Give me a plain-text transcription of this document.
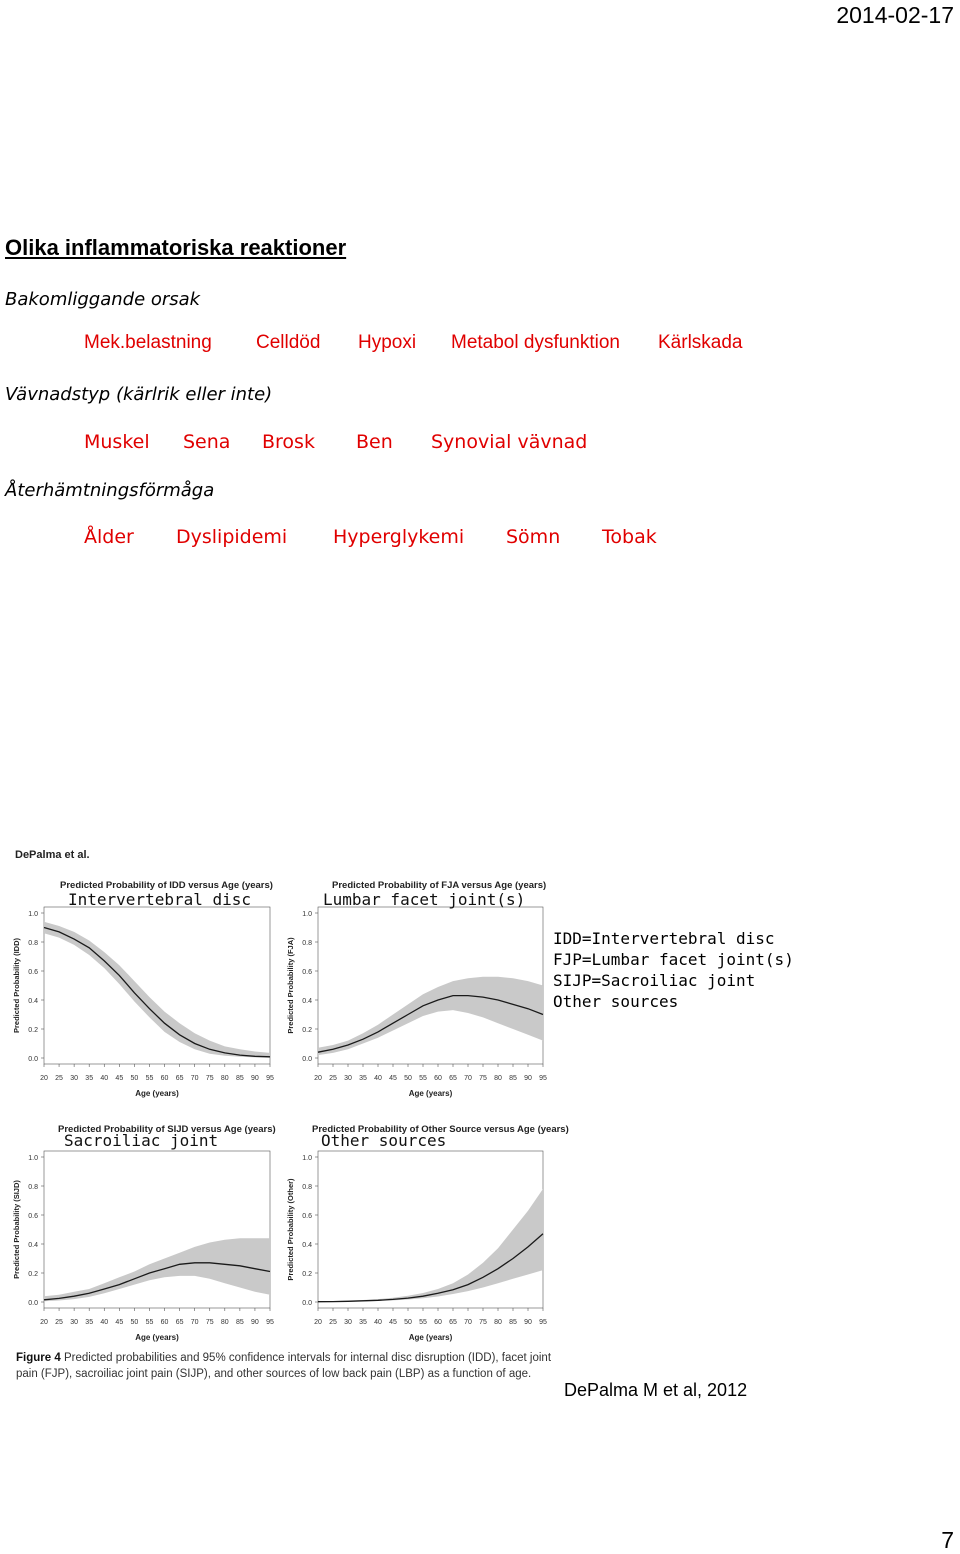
2014-02-17
Olika inflammatoriska reaktioner
Bakomliggande orsak
Mek.belastning Celldöd Hypoxi Metabol dysfunktion Kärlskada
Vävnadstyp (kärlrik eller inte)
Muskel Sena Brosk Ben Synovial vävnad
Återhämtningsförmåga
Ålder Dyslipidemi Hyperglykemi Sömn Tobak
DePalma et al.
Predicted Probability of IDD versus Age (years)
0.0
0.2
0.4
0.6
0.8
1.0
20 25 30 35 40 45 50 55 60 65 70 75 80 85 90 95
Age (years)
Predicted Probability (IDD)
Predicted Probability of FJA versus Age (years)
0.0
0.2
0.4
0.6
0.8
1.0
20 25 30 35 40 45 50 55 60 65 70 75 80 85 90 95
Age (years)
Predicted Probability (FJA)
Predicted Probability of SIJD versus Age (years)
0.0
0.2
0.4
0.6
0.8
1.0
20 25 30 35 40 45 50 55 60 65 70 75 80 85 90 95
Age (years)
Predicted Probability (SIJD)
Predicted Probability of Other Source versus Age (years)
0.0
0.2
0.4
0.6
0.8
1.0
20 25 30 35 40 45 50 55 60 65 70 75 80 85 90 95
Age (years)
Predicted Probability (Other)
Intervertebral disc	Lumbar facet joint(s)
Sacroiliac joint	Other sources
IDD=Intervertebral disc
FJP=Lumbar facet joint(s)
SIJP=Sacroiliac joint
Other sources
Figure 4 Predicted probabilities and 95% confidence intervals for internal disc disruption (IDD), facet joint pain (FJP), sacroiliac joint pain (SIJP), and other sources of low back pain (LBP) as a function of age.
DePalma M et al, 2012
7
